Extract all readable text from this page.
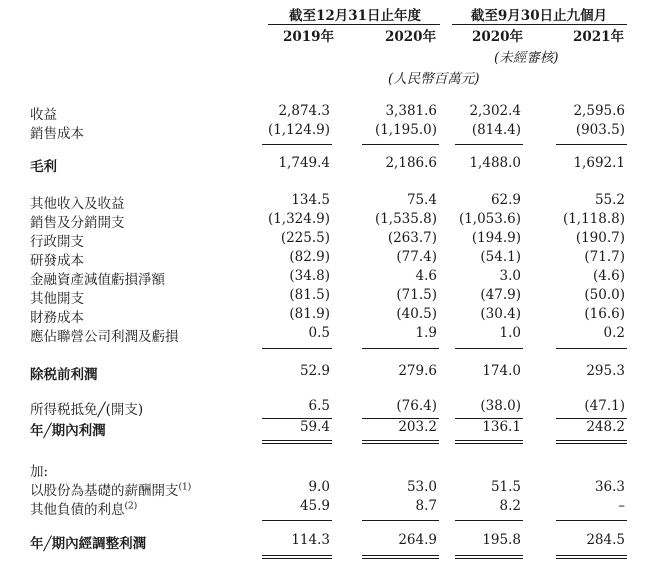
截至12月31日止年度	截至9月30日止九個月
2019年	2020年	2020年	2021年
(未經審核)
(人民幣百萬元)
收益	2,874.3	3,381.6	2,302.4	2,595.6
銷售成本	(1,124.9)	(1,195.0)	(814.4)	(903.5)
毛利	1,749.4	2,186.6	1,488.0	1,692.1
其他收入及收益	134.5	75.4	62.9	55.2
銷售及分銷開支	(1,324.9)	(1,535.8)	(1,053.6)	(1,118.8)
行政開支	(225.5)	(263.7)	(194.9)	(190.7)
研發成本	(82.9)	(77.4)	(54.1)	(71.7)
金融資產減值虧損淨額	(34.8)	4.6	3.0	(4.6)
其他開支	(81.5)	(71.5)	(47.9)	(50.0)
財務成本	(81.9)	(40.5)	(30.4)	(16.6)
應佔聯營公司利潤及虧損	0.5	1.9	1.0	0.2
除税前利潤	52.9	279.6	174.0	295.3
所得税抵免╱(開支)	6.5	(76.4)	(38.0)	(47.1)
年╱期內利潤	59.4	203.2	136.1	248.2
加:
以股份為基礎的薪酬開支$^{(1)}$	9.0	53.0	51.5	36.3
其他負債的利息$^{(2)}$	45.9	8.7	8.2	–
年╱期內經調整利潤	114.3	264.9	195.8	284.5
